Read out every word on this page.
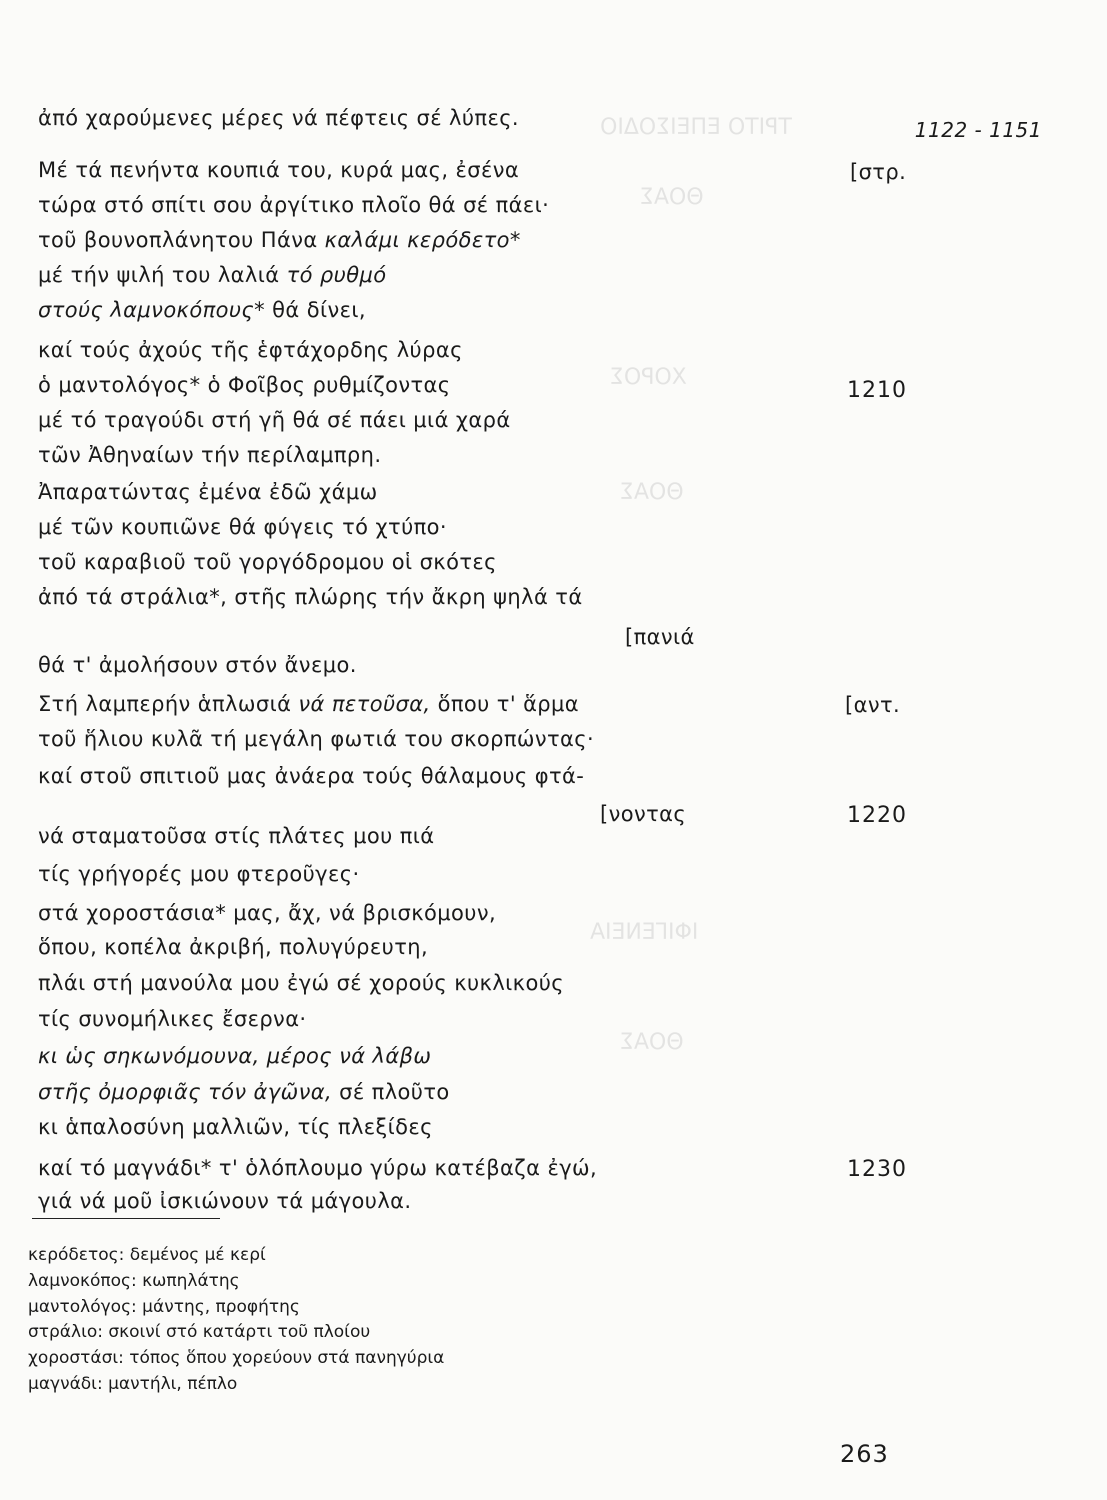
ΤΡΙΤΟ ΕΠΕΙΣΟΔΙΟ
ΘΟΑΣ
ΧΟΡΟΣ
ΘΟΑΣ
ΙΦΙΓΕΝΕΙΑ
ΘΟΑΣ
1122 - 1151
ἀπό χαρούμενες μέρες νά πέφτεις σέ λύπες.
Μέ τά πενήντα κουπιά του, κυρά μας, ἐσένα
τώρα στό σπίτι σου ἀργίτικο πλοῖο θά σέ πάει·
τοῦ βουνοπλάνητου Πάνα καλάμι κερόδετο*
μέ τήν ψιλή του λαλιά τό ρυθμό
στούς λαμνοκόπους* θά δίνει,
καί τούς ἀχούς τῆς ἑφτάχορδης λύρας
ὁ μαντολόγος* ὁ Φοῖβος ρυθμίζοντας
μέ τό τραγούδι στή γῆ θά σέ πάει μιά χαρά
τῶν Ἀθηναίων τήν περίλαμπρη.
Ἀπαρατώντας ἐμένα ἐδῶ χάμω
μέ τῶν κουπιῶνε θά φύγεις τό χτύπο·
τοῦ καραβιοῦ τοῦ γοργόδρομου οἱ σκότες
ἀπό τά στράλια*, στῆς πλώρης τήν ἄκρη ψηλά τά
θά τ' ἀμολήσουν στόν ἄνεμο.
Στή λαμπερήν ἁπλωσιά νά πετοῦσα, ὅπου τ' ἅρμα
τοῦ ἥλιου κυλᾶ τή μεγάλη φωτιά του σκορπώντας·
καί στοῦ σπιτιοῦ μας ἀνάερα τούς θάλαμους φτά-
νά σταματοῦσα στίς πλάτες μου πιά
τίς γρήγορές μου φτεροῦγες·
στά χοροστάσια* μας, ἄχ, νά βρισκόμουν,
ὅπου, κοπέλα ἀκριβή, πολυγύρευτη,
πλάι στή μανούλα μου ἐγώ σέ χορούς κυκλικούς
τίς συνομήλικες ἔσερνα·
κι ὡς σηκωνόμουνα, μέρος νά λάβω
στῆς ὀμορφιᾶς τόν ἀγῶνα, σέ πλοῦτο
κι ἁπαλοσύνη μαλλιῶν, τίς πλεξίδες
καί τό μαγνάδι* τ' ὁλόπλουμο γύρω κατέβαζα ἐγώ,
γιά νά μοῦ ἰσκιώνουν τά μάγουλα.
[στρ.
[πανιά
[αντ.
[νοντας
1210
1220
1230
κερόδετος: δεμένος μέ κερί
λαμνοκόπος: κωπηλάτης
μαντολόγος: μάντης, προφήτης
στράλιο: σκοινί στό κατάρτι τοῦ πλοίου
χοροστάσι: τόπος ὅπου χορεύουν στά πανηγύρια
μαγνάδι: μαντήλι, πέπλο
263
